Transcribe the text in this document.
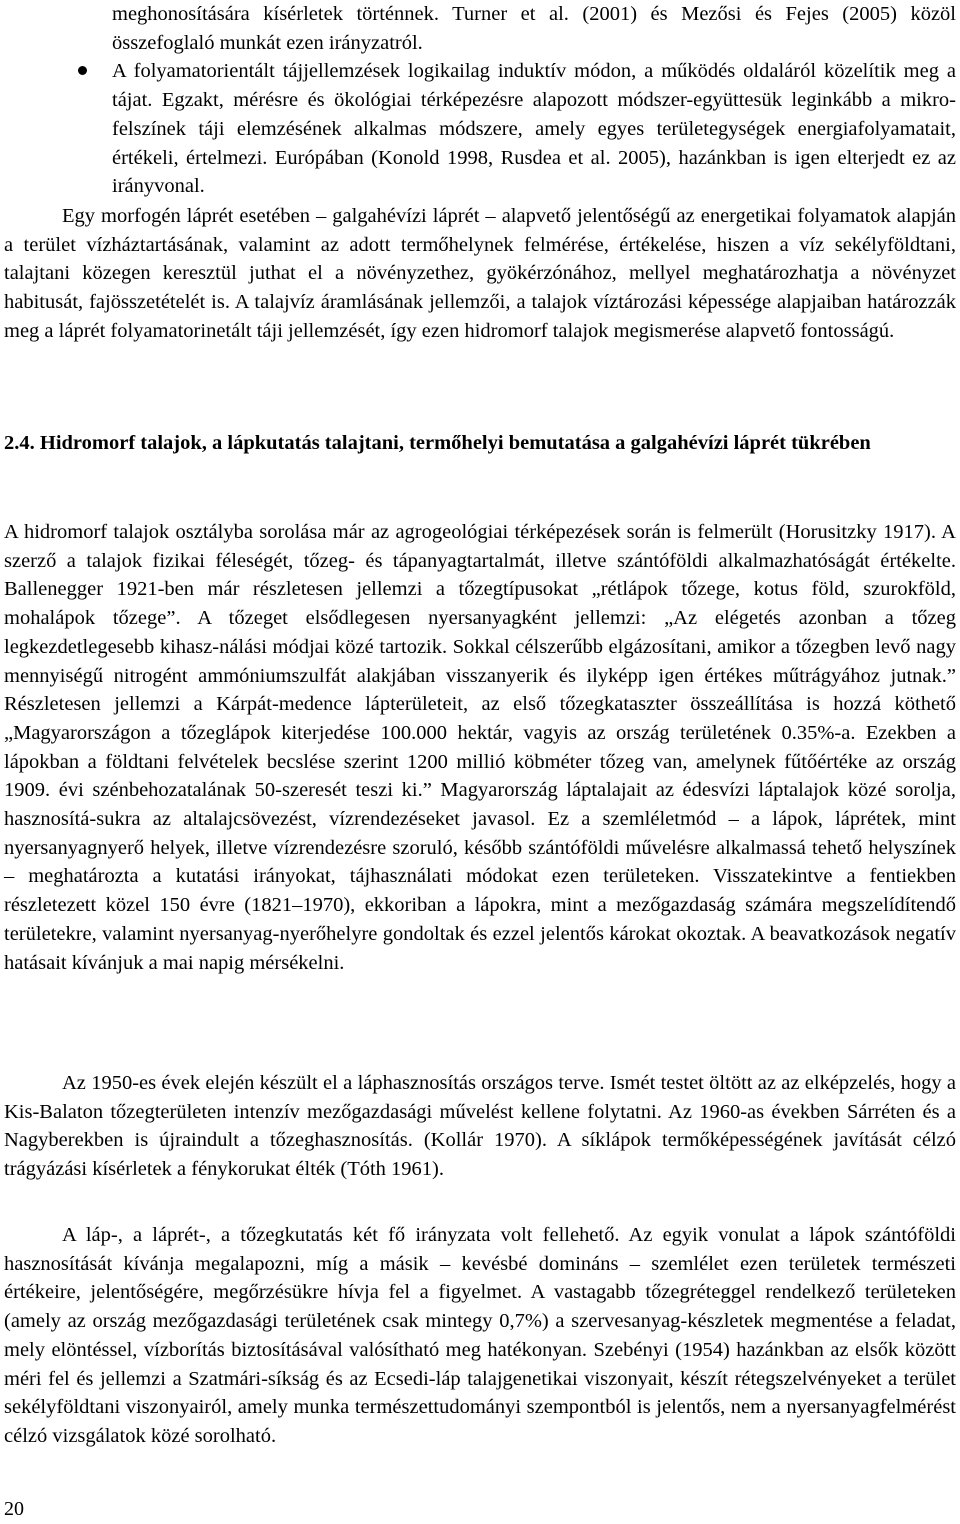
meghonosítására kísérletek történnek. Turner et al. (2001) és Mezősi és Fejes (2005) közöl összefoglaló munkát ezen irányzatról.

A folyamatorientált tájjellemzések logikailag induktív módon, a működés oldaláról közelítik meg a tájat. Egzakt, mérésre és ökológiai térképezésre alapozott módszer-együttesük leginkább a mikro-felszínek táji elemzésének alkalmas módszere, amely egyes területegységek energiafolyamatait, értékeli, értelmezi. Európában (Konold 1998, Rusdea et al. 2005), hazánkban is igen elterjedt ez az irányvonal.

Egy morfogén láprét esetében – galgahévízi láprét – alapvető jelentőségű az energetikai folyamatok alapján a terület vízháztartásának, valamint az adott termőhelynek felmérése, értékelése, hiszen a víz sekélyföldtani, talajtani közegen keresztül juthat el a növényzethez, gyökérzónához, mellyel meghatározhatja a növényzet habitusát, fajösszetételét is. A talajvíz áramlásának jellemzői, a talajok víztározási képessége alapjaiban határozzák meg a láprét folyamatorinetált táji jellemzését, így ezen hidromorf talajok megismerése alapvető fontosságú.

2.4. Hidromorf talajok, a lápkutatás talajtani, termőhelyi bemutatása a galgahévízi láprét tükrében

A hidromorf talajok osztályba sorolása már az agrogeológiai térképezések során is felmerült (Horusitzky 1917). A szerző a talajok fizikai féleségét, tőzeg- és tápanyagtartalmát, illetve szántóföldi alkalmazhatóságát értékelte. Ballenegger 1921-ben már részletesen jellemzi a tőzegtípusokat „rétlápok tőzege, kotus föld, szurokföld, mohalápok tőzege”. A tőzeget elsődlegesen nyersanyagként jellemzi: „Az elégetés azonban a tőzeg legkezdetlegesebb kihasz-nálási módjai közé tartozik. Sokkal célszerűbb elgázosítani, amikor a tőzegben levő nagy mennyiségű nitrogént ammóniumszulfát alakjában visszanyerik és ilyképp igen értékes műtrágyához jutnak.” Részletesen jellemzi a Kárpát-medence lápterületeit, az első tőzegkataszter összeállítása is hozzá köthető „Magyarországon a tőzeglápok kiterjedése 100.000 hektár, vagyis az ország területének 0.35%-a. Ezekben a lápokban a földtani felvételek becslése szerint 1200 millió köbméter tőzeg van, amelynek fűtőértéke az ország 1909. évi szénbehozatalának 50-szeresét teszi ki.” Magyarország láptalajait az édesvízi láptalajok közé sorolja, hasznosítá-sukra az altalajcsövezést, vízrendezéseket javasol. Ez a szemléletmód – a lápok, láprétek, mint nyersanyagnyerő helyek, illetve vízrendezésre szoruló, később szántóföldi művelésre alkalmassá tehető helyszínek – meghatározta a kutatási irányokat, tájhasználati módokat ezen területeken. Visszatekintve a fentiekben részletezett közel 150 évre (1821–1970), ekkoriban a lápokra, mint a mezőgazdaság számára megszelídítendő területekre, valamint nyersanyag-nyerőhelyre gondoltak és ezzel jelentős károkat okoztak. A beavatkozások negatív hatásait kívánjuk a mai napig mérsékelni.

Az 1950-es évek elején készült el a láphasznosítás országos terve. Ismét testet öltött az az elképzelés, hogy a Kis-Balaton tőzegterületen intenzív mezőgazdasági művelést kellene folytatni. Az 1960-as években Sárréten és a Nagyberekben is újraindult a tőzeghasznosítás. (Kollár 1970). A síklápok termőképességének javítását célzó trágyázási kísérletek a fénykorukat élték (Tóth 1961).

A láp-, a láprét-, a tőzegkutatás két fő irányzata volt fellehető. Az egyik vonulat a lápok szántóföldi hasznosítását kívánja megalapozni, míg a másik – kevésbé domináns – szemlélet ezen területek természeti értékeire, jelentőségére, megőrzésükre hívja fel a figyelmet. A vastagabb tőzegréteggel rendelkező területeken (amely az ország mezőgazdasági területének csak mintegy 0,7%) a szervesanyag-készletek megmentése a feladat, mely elöntéssel, vízborítás biztosításával valósítható meg hatékonyan. Szebényi (1954) hazánkban az elsők között méri fel és jellemzi a Szatmári-síkság és az Ecsedi-láp talajgenetikai viszonyait, készít rétegszelvényeket a terület sekélyföldtani viszonyairól, amely munka természettudományi szempontból is jelentős, nem a nyersanyagfelmérést célzó vizsgálatok közé sorolható.

20
